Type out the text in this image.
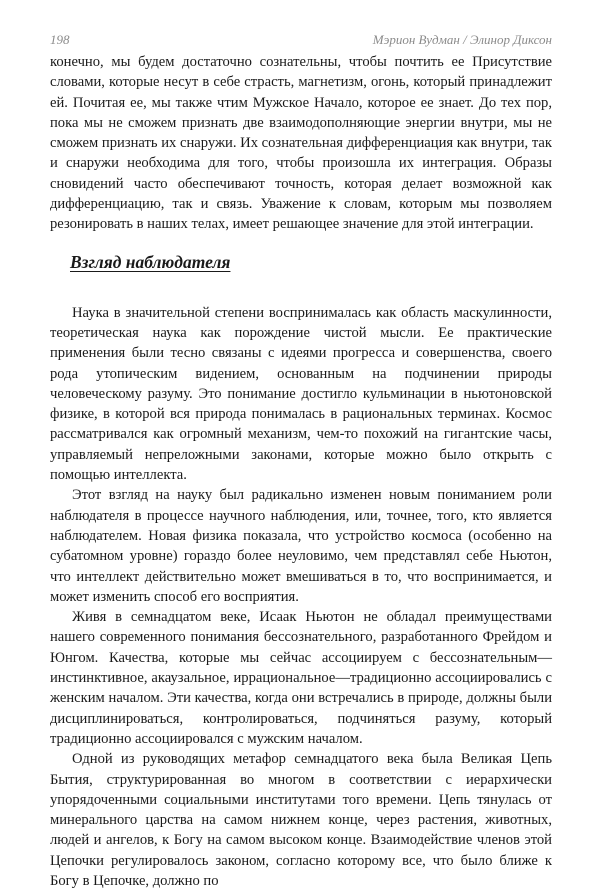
198	Мэрион Вудман / Элинор Диксон

конечно, мы будем достаточно сознательны, чтобы почтить ее Присутствие словами, которые несут в себе страсть, магнетизм, огонь, который принадлежит ей. Почитая ее, мы также чтим Мужское Начало, которое ее знает. До тех пор, пока мы не сможем признать две взаимодополняющие энергии внутри, мы не сможем признать их снаружи. Их сознательная дифференциация как внутри, так и снаружи необходима для того, чтобы произошла их интеграция. Образы сновидений часто обеспечивают точность, которая делает возможной как дифференциацию, так и связь. Уважение к словам, которым мы позволяем резонировать в наших телах, имеет решающее значение для этой интеграции.

Взгляд наблюдателя

Наука в значительной степени воспринималась как область маскулинности, теоретическая наука как порождение чистой мысли. Ее практические применения были тесно связаны с идеями прогресса и совершенства, своего рода утопическим видением, основанным на подчинении природы человеческому разуму. Это понимание достигло кульминации в ньютоновской физике, в которой вся природа понималась в рациональных терминах. Космос рассматривался как огромный механизм, чем-то похожий на гигантские часы, управляемый непреложными законами, которые можно было открыть с помощью интеллекта.

Этот взгляд на науку был радикально изменен новым пониманием роли наблюдателя в процессе научного наблюдения, или, точнее, того, кто является наблюдателем. Новая физика показала, что устройство космоса (особенно на субатомном уровне) гораздо более неуловимо, чем представлял себе Ньютон, что интеллект действительно может вмешиваться в то, что воспринимается, и может изменить способ его восприятия.

Живя в семнадцатом веке, Исаак Ньютон не обладал преимуществами нашего современного понимания бессознательного, разработанного Фрейдом и Юнгом. Качества, которые мы сейчас ассоциируем с бессознательным— инстинктивное, акаузальное, иррациональное—традиционно ассоциировались с женским началом. Эти качества, когда они встречались в природе, должны были дисциплинироваться, контролироваться, подчиняться разуму, который традиционно ассоциировался с мужским началом.

Одной из руководящих метафор семнадцатого века была Великая Цепь Бытия, структурированная во многом в соответствии с иерархически упорядоченными социальными институтами того времени. Цепь тянулась от минерального царства на самом нижнем конце, через растения, животных, людей и ангелов, к Богу на самом высоком конце. Взаимодействие членов этой Цепочки регулировалось законом, согласно которому все, что было ближе к Богу в Цепочке, должно по
